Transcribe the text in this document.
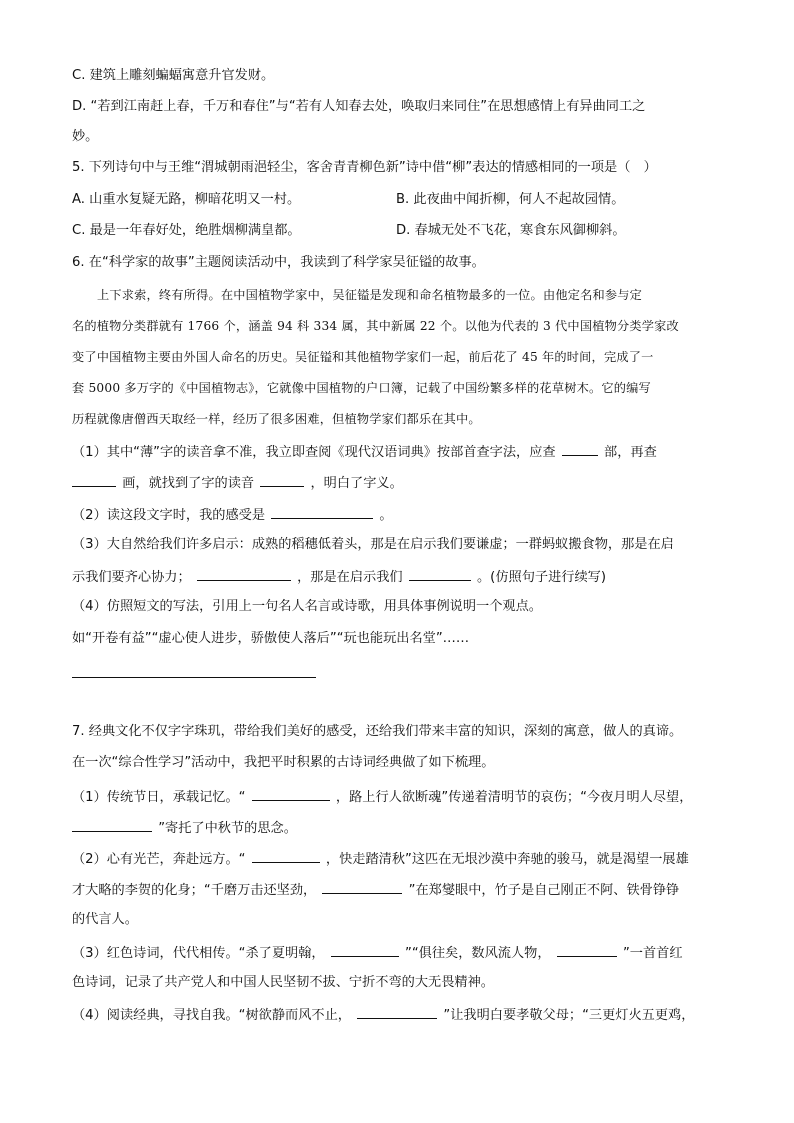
C. 建筑上雕刻蝙蝠寓意升官发财。
D. “若到江南赶上春，千万和春住”与“若有人知春去处，唤取归来同住”在思想感情上有异曲同工之
妙。
5. 下列诗句中与王维“渭城朝雨浥轻尘，客舍青青柳色新”诗中借“柳”表达的情感相同的一项是（　）
A. 山重水复疑无路，柳暗花明又一村。	B. 此夜曲中闻折柳，何人不起故园情。
C. 最是一年春好处，绝胜烟柳满皇都。	D. 春城无处不飞花，寒食东风御柳斜。
6. 在“科学家的故事”主题阅读活动中，我读到了科学家吴征镒的故事。
上下求索，终有所得。在中国植物学家中，吴征镒是发现和命名植物最多的一位。由他定名和参与定
名的植物分类群就有 1766 个，涵盖 94 科 334 属，其中新属 22 个。以他为代表的 3 代中国植物分类学家改
变了中国植物主要由外国人命名的历史。吴征镒和其他植物学家们一起，前后花了 45 年的时间，完成了一
套 5000 多万字的《中国植物志》，它就像中国植物的户口簿，记载了中国纷繁多样的花草树木。它的编写
历程就像唐僧西天取经一样，经历了很多困难，但植物学家们都乐在其中。
（1）其中“薄”字的读音拿不准，我立即查阅《现代汉语词典》按部首查字法，应查	部，再查
画，就找到了字的读音	，明白了字义。
（2）读这段文字时，我的感受是	。
（3）大自然给我们许多启示：成熟的稻穗低着头，那是在启示我们要谦虚；一群蚂蚁搬食物，那是在启
示我们要齐心协力；	，那是在启示我们	。(仿照句子进行续写)
（4）仿照短文的写法，引用上一句名人名言或诗歌，用具体事例说明一个观点。
如“开卷有益”“虚心使人进步，骄傲使人落后”“玩也能玩出名堂”……
7. 经典文化不仅字字珠玑，带给我们美好的感受，还给我们带来丰富的知识，深刻的寓意，做人的真谛。
在一次“综合性学习”活动中，我把平时积累的古诗词经典做了如下梳理。
（1）传统节日，承载记忆。“	，路上行人欲断魂”传递着清明节的哀伤；“今夜月明人尽望，
”寄托了中秋节的思念。
（2）心有光芒，奔赴远方。“	，快走踏清秋”这匹在无垠沙漠中奔驰的骏马，就是渴望一展雄
才大略的李贺的化身；“千磨万击还坚劲，	”在郑燮眼中，竹子是自己刚正不阿、铁骨铮铮
的代言人。
（3）红色诗词，代代相传。“杀了夏明翰，	”“俱往矣，数风流人物，	”一首首红
色诗词，记录了共产党人和中国人民坚韧不拔、宁折不弯的大无畏精神。
（4）阅读经典，寻找自我。“树欲静而风不止，	”让我明白要孝敬父母；“三更灯火五更鸡，
